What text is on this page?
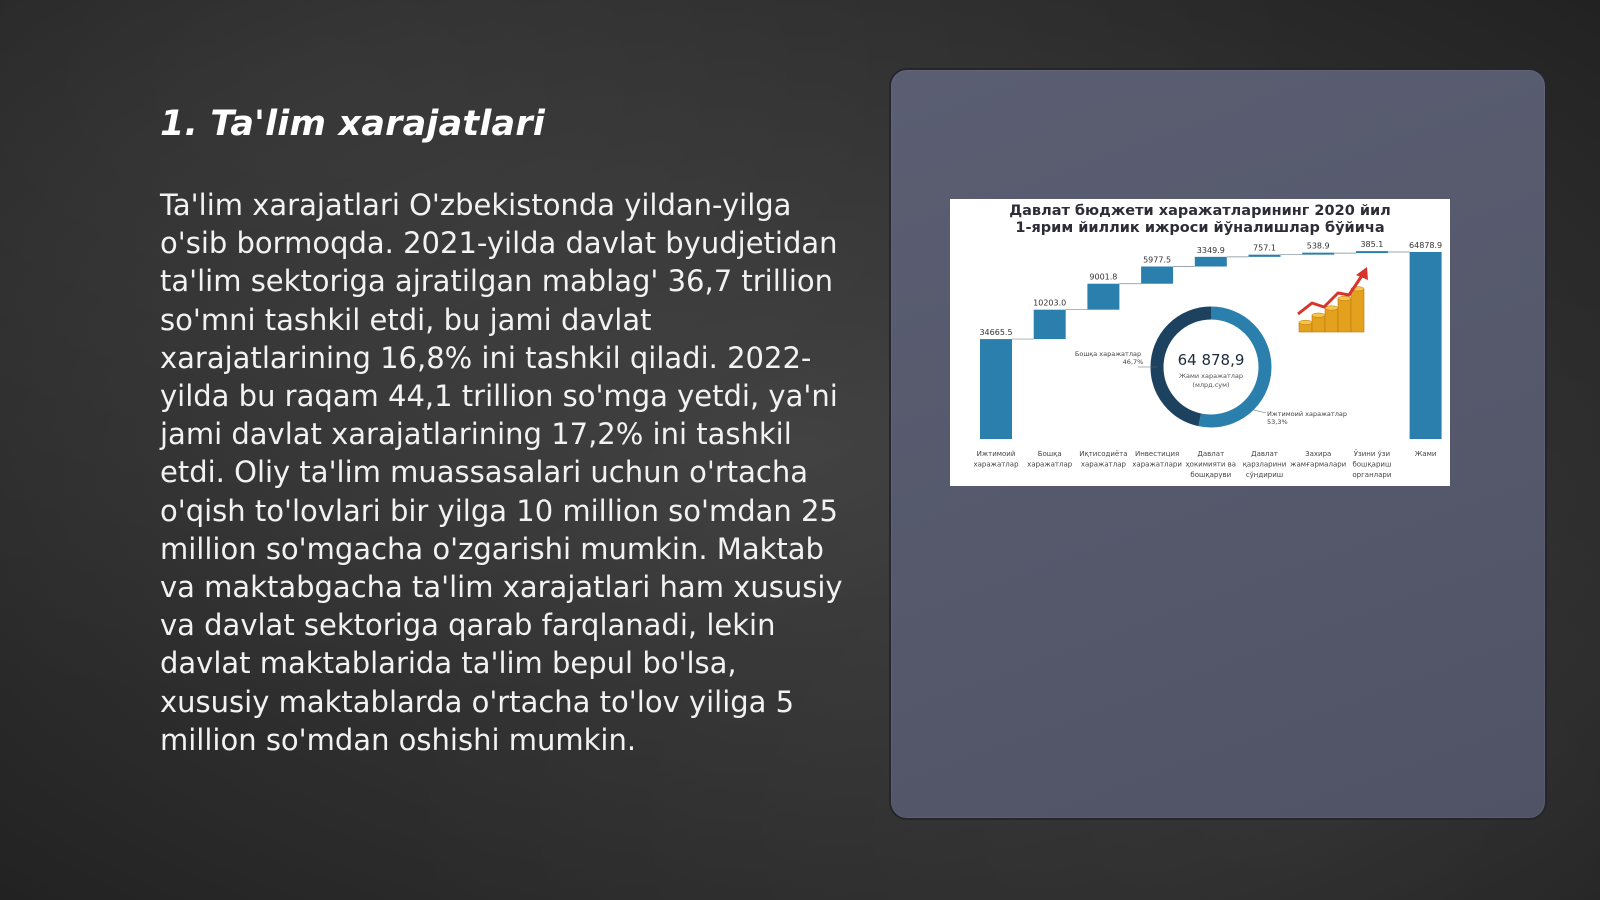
1. Ta'lim xarajatlari

Ta'lim xarajatlari O'zbekistonda yildan-yilga o'sib bormoqda. 2021-yilda davlat byudjetidan ta'lim sektoriga ajratilgan mablag' 36,7 trillion so'mni tashkil etdi, bu jami davlat xarajatlarining 16,8% ini tashkil qiladi. 2022-yilda bu raqam 44,1 trillion so'mga yetdi, ya'ni jami davlat xarajatlarining 17,2% ini tashkil etdi. Oliy ta'lim muassasalari uchun o'rtacha o'qish to'lovlari bir yilga 10 million so'mdan 25 million so'mgacha o'zgarishi mumkin. Maktab va maktabgacha ta'lim xarajatlari ham xususiy va davlat sektoriga qarab farqlanadi, lekin davlat maktablarida ta'lim bepul bo'lsa, xususiy maktablarda o'rtacha to'lov yiliga 5 million so'mdan oshishi mumkin.

Давлат бюджети харажатларининг 2020 йил
1-ярим йиллик ижроси йўналишлар бўйича
34665.5
Ижтимоий
харажатлар
10203.0
Бошқа
харажатлар
9001.8
Иқтисодиёта
харажатлар
5977.5
Инвестиция
харажатлари
3349.9
Давлат
ҳокимияти ва
бошқаруви
757.1
Давлат
қарзларини
сўндириш
538.9
Захира
жамғармалари
385.1
Ўзини ўзи
бошқариш
органлари
64878.9
Жами
64 878,9
Жами харажатлар
(млрд.сум)
Бошқа харажатлар
46,7%
Ижтимоий харажатлар
53,3%
